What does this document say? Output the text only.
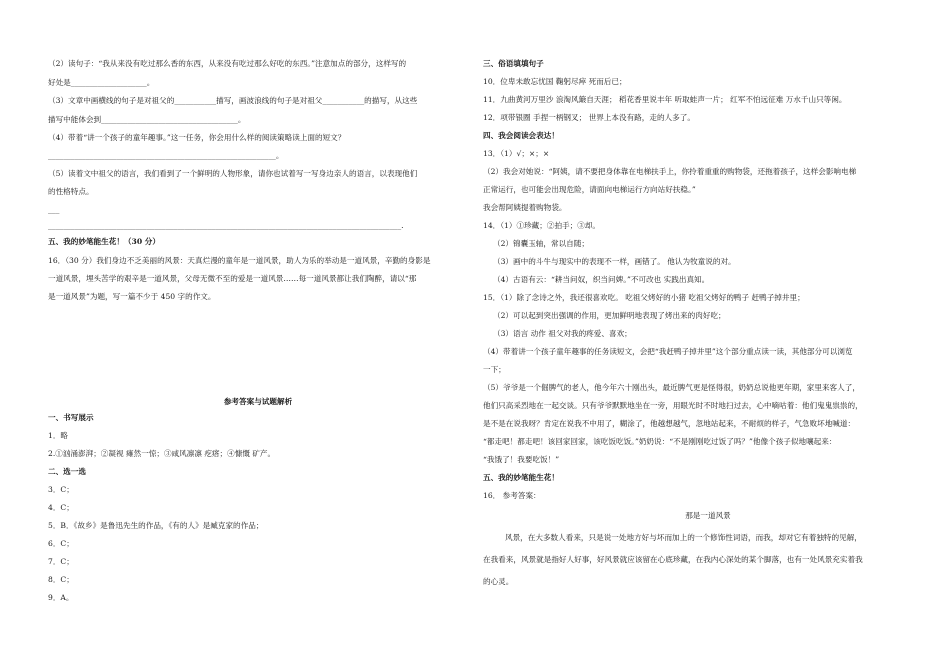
（2）读句子：“我从来没有吃过那么香的东西，从来没有吃过那么好吃的东西。”注意加点的部分，这样写的
好处是____________________。
（3）文章中画横线的句子是对祖父的___________描写，画波浪线的句子是对祖父___________的描写，从这些
描写中能体会到____________________________________。
（4）带着“讲一个孩子的童年趣事。”这一任务，你会用什么样的阅读策略读上面的短文？
____________________________________________________________。
（5）读着文中祖父的语言，我们看到了一个鲜明的人物形象，请你也试着写一写身边亲人的语言，以表现他们
的性格特点。
___
_____________________________________________________________________________________________.
五、我的妙笔能生花！（30 分）
16．（30 分）我们身边不乏美丽的风景：天真烂漫的童年是一道风景，助人为乐的举动是一道风景，辛勤的身影是
一道风景，埋头苦学的艰辛是一道风景，父母无微不至的爱是一道风景……每一道风景都让我们陶醉，请以“那
是一道风景”为题，写一篇不少于 450 字的作文。
参考答案与试题解析
一、书写展示
1．略
2.①汹涌澎湃；②凝视 瘫然一惊；③咸风凛凛 疙瘩；④慷慨 矿产。
二、选一选
3．C；
4．C；
5．B．《故乡》是鲁迅先生的作品，《有的人》是臧克家的作品；
6．C；
7．C；
8．C；
9．A。
三、俗语填填句子
10．位卑未敢忘忧国 鞠躬尽瘁 死而后已；
11．九曲黄河万里沙 浪淘风簸自天涯； 稻花香里说丰年 听取蛙声一片； 红军不怕远征难 万水千山只等闲。
12．项带银圈 手捏一柄钢叉； 世界上本没有路，走的人多了。
四、我会阅读会表达！
13．（1）√；×；×
（2）我会对她说：“阿姨，请不要把身体靠在电梯扶手上，你拎着重重的购物袋，还拖着孩子，这样会影响电梯
正常运行，也可能会出现危险，请面向电梯运行方向站好扶稳。”
我会帮阿姨提着购物袋。
14．（1）①珍藏；②拍手；③却。
（2）锦囊玉轴，常以自随；
（3）画中的斗牛与现实中的表现不一样，画错了。 他认为牧童说的对。
（4）古语有云：“耕当问奴，织当问婢。”不可改也 实践出真知。
15．（1）除了念诗之外，我还很喜欢吃。 吃祖父烤好的小猪 吃祖父烤好的鸭子 赶鸭子掉井里；
（2）可以起到突出强调的作用，更加鲜明地表现了烤出来的肉好吃；
（3）语言 动作 祖父对我的疼爱、喜欢；
（4）带着讲一个孩子童年趣事的任务读短文，会把“我赶鸭子掉井里”这个部分重点读一读，其他部分可以浏览
一下；
（5）爷爷是一个倔脾气的老人，他今年六十刚出头，最近脾气更是怪得很，奶奶总说他更年期，家里来客人了，
他们只高采烈地在一起交谈。只有爷爷默默地坐在一旁，用眼光时不时地扫过去，心中嘀咕着：他们鬼鬼祟祟的，
是不是在说我呀？肯定在说我不中用了，糊涂了，他越想越气，忽地站起来，不耐烦的样子，气急败坏地喊道：
“都走吧！都走吧！该回家回家，该吃饭吃饭。”奶奶说：“不是刚刚吃过饭了吗？”他像个孩子似地嚷起来：
“我饿了！我要吃饭！”
五、我的妙笔能生花！
16． 参考答案：
那是一道风景
风景，在大多数人看来，只是说一处地方好与坏而加上的一个修饰性词语，而我，却对它有着独特的见解，
在我看来，风景就是指好人好事，好风景就应该留在心底珍藏，在我内心深处的某个脚落，也有一处风景充实着我
的心灵。
